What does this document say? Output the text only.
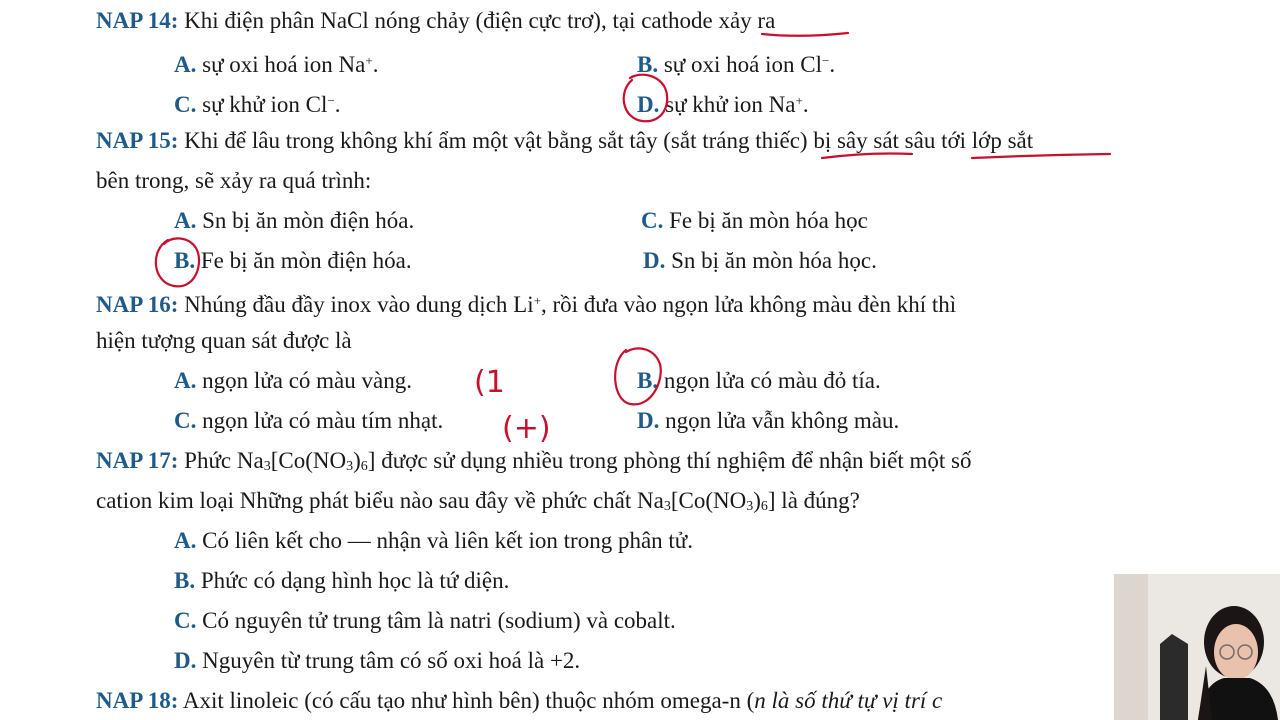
NAP 14: Khi điện phân NaCl nóng chảy (điện cực trơ), tại cathode xảy ra
A. sự oxi hoá ion Na+.	B. sự oxi hoá ion Cl−.
C. sự khử ion Cl−.	D. sự khử ion Na+.
NAP 15: Khi để lâu trong không khí ẩm một vật bằng sắt tây (sắt tráng thiếc) bị sây sát sâu tới lớp sắt
bên trong, sẽ xảy ra quá trình:
A. Sn bị ăn mòn điện hóa.	C. Fe bị ăn mòn hóa học
B. Fe bị ăn mòn điện hóa.	D. Sn bị ăn mòn hóa học.
NAP 16: Nhúng đầu đầy inox vào dung dịch Li+, rồi đưa vào ngọn lửa không màu đèn khí thì
hiện tượng quan sát được là
A. ngọn lửa có màu vàng.	B. ngọn lửa có màu đỏ tía.
C. ngọn lửa có màu tím nhạt.	D. ngọn lửa vẫn không màu.
NAP 17: Phức $Na_3[Co(NO_3)_6]$ được sử dụng nhiều trong phòng thí nghiệm để nhận biết một số
cation kim loại Những phát biểu nào sau đây về phức chất $Na_3[Co(NO_3)_6]$ là đúng?
A. Có liên kết cho — nhận và liên kết ion trong phân tử.
B. Phức có dạng hình học là tứ diện.
C. Có nguyên tử trung tâm là natri (sodium) và cobalt.
D. Nguyên từ trung tâm có số oxi hoá là +2.
NAP 18: Axit linoleic (có cấu tạo như hình bên) thuộc nhóm omega-n (n là số thứ tự vị trí c
(1
(+)
